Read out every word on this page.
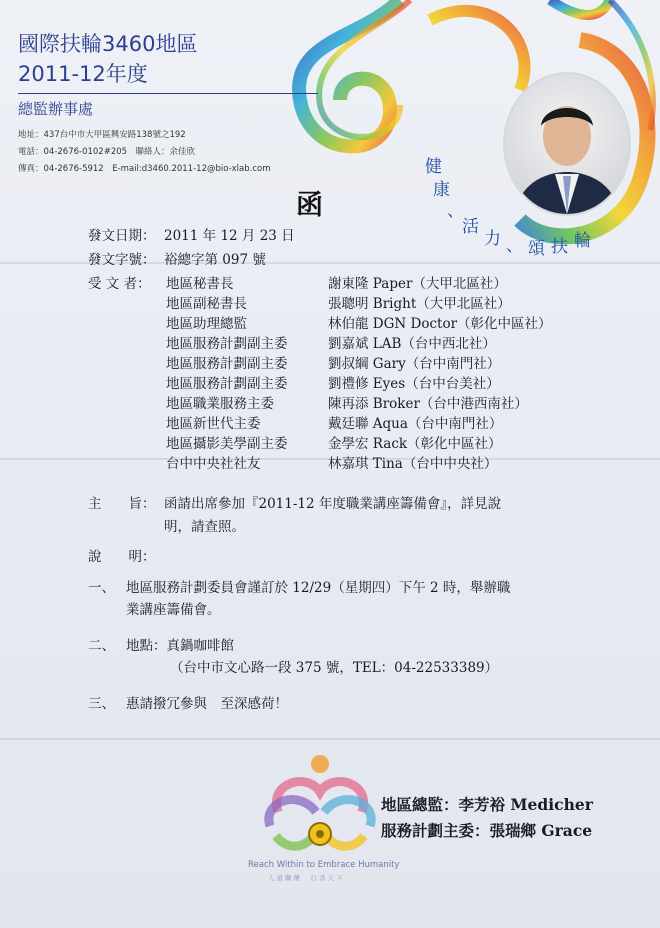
國際扶輪3460地區
2011-12年度
總監辦事處
地址：437台中市大甲區興安路138號之192
電話：04-2676-0102#205　聯絡人：余佳欣
傳真：04-2676-5912　E-mail:d3460.2011-12@bio-xlab.com	健
康
、
活
力 、 頌 扶 輪
函
發文日期： 2011 年 12 月 23 日
發文字號： 裕總字第 097 號
受 文 者： 地區秘書長	謝東隆 Paper（大甲北區社）
地區副秘書長	張聰明 Bright（大甲北區社）
地區助理總監	林伯龍 DGN Doctor（彰化中區社）
地區服務計劃副主委	劉嘉斌 LAB（台中西北社）
地區服務計劃副主委	劉叔綱 Gary（台中南門社）
地區服務計劃副主委	劉禮修 Eyes（台中台美社）
地區職業服務主委	陳再添 Broker（台中港西南社）
地區新世代主委	戴廷聯 Aqua（台中南門社）
地區攝影美學副主委	金學宏 Rack（彰化中區社）
台中中央社社友	林嘉琪 Tina（台中中央社）
主　　旨： 函請出席參加『2011-12 年度職業講座籌備會』，詳見說
明，請查照。
說　　明：
一、 地區服務計劃委員會謹訂於 12/29（星期四）下午 2 時，舉辦職
業講座籌備會。
二、 地點：真鍋咖啡館
（台中市文心路一段 375 號，TEL：04-22533389）
三、 惠請撥冗參與　至深感荷！
Reach Within to Embrace Humanity
人道關懷　行善天下
地區總監：李芳裕 Medicher
服務計劃主委：張瑞鄉 Grace
